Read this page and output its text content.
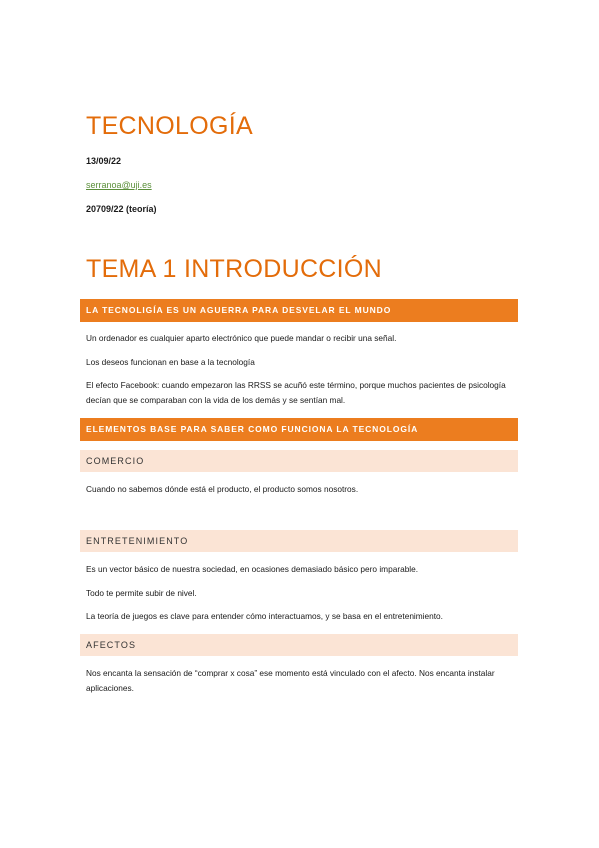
TECNOLOGÍA

13/09/22

serranoa@uji.es

20709/22 (teoría)

TEMA 1 INTRODUCCIÓN
LA TECNOLIGÍA ES UN AGUERRA PARA DESVELAR EL MUNDO

Un ordenador es cualquier aparto electrónico que puede mandar o recibir una señal.

Los deseos funcionan en base a la tecnología

El efecto Facebook: cuando empezaron las RRSS se acuñó este término, porque muchos pacientes de psicología decían que se comparaban con la vida de los demás y se sentían mal.

ELEMENTOS BASE PARA SABER COMO FUNCIONA LA TECNOLOGÍA
COMERCIO

Cuando no sabemos dónde está el producto, el producto somos nosotros.

ENTRETENIMIENTO

Es un vector básico de nuestra sociedad, en ocasiones demasiado básico pero imparable.

Todo te permite subir de nivel.

La teoría de juegos es clave para entender cómo interactuamos, y se basa en el entretenimiento.

AFECTOS

Nos encanta la sensación de “comprar x cosa” ese momento está vinculado con el afecto. Nos encanta instalar aplicaciones.
